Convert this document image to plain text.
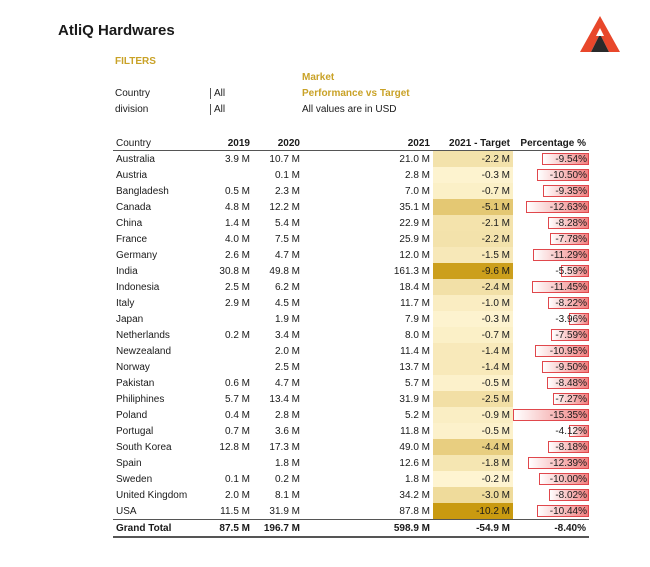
AtliQ Hardwares
FILTERS
Country	All
division	All
Market
Performance vs Target
All values are in USD
Country	2019	2020	2021	2021 - Target	Percentage %
Australia	3.9 M	10.7 M	21.0 M	-2.2 M	-9.54%
Austria		0.1 M	2.8 M	-0.3 M	-10.50%
Bangladesh	0.5 M	2.3 M	7.0 M	-0.7 M	-9.35%
Canada	4.8 M	12.2 M	35.1 M	-5.1 M	-12.63%
China	1.4 M	5.4 M	22.9 M	-2.1 M	-8.28%
France	4.0 M	7.5 M	25.9 M	-2.2 M	-7.78%
Germany	2.6 M	4.7 M	12.0 M	-1.5 M	-11.29%
India	30.8 M	49.8 M	161.3 M	-9.6 M	-5.59%
Indonesia	2.5 M	6.2 M	18.4 M	-2.4 M	-11.45%
Italy	2.9 M	4.5 M	11.7 M	-1.0 M	-8.22%
Japan		1.9 M	7.9 M	-0.3 M	-3.96%
Netherlands	0.2 M	3.4 M	8.0 M	-0.7 M	-7.59%
Newzealand		2.0 M	11.4 M	-1.4 M	-10.95%
Norway		2.5 M	13.7 M	-1.4 M	-9.50%
Pakistan	0.6 M	4.7 M	5.7 M	-0.5 M	-8.48%
Philiphines	5.7 M	13.4 M	31.9 M	-2.5 M	-7.27%
Poland	0.4 M	2.8 M	5.2 M	-0.9 M	-15.35%
Portugal	0.7 M	3.6 M	11.8 M	-0.5 M	-4.12%
South Korea	12.8 M	17.3 M	49.0 M	-4.4 M	-8.18%
Spain		1.8 M	12.6 M	-1.8 M	-12.39%
Sweden	0.1 M	0.2 M	1.8 M	-0.2 M	-10.00%
United Kingdom	2.0 M	8.1 M	34.2 M	-3.0 M	-8.02%
USA	11.5 M	31.9 M	87.8 M	-10.2 M	-10.44%
Grand Total	87.5 M	196.7 M	598.9 M	-54.9 M	-8.40%
